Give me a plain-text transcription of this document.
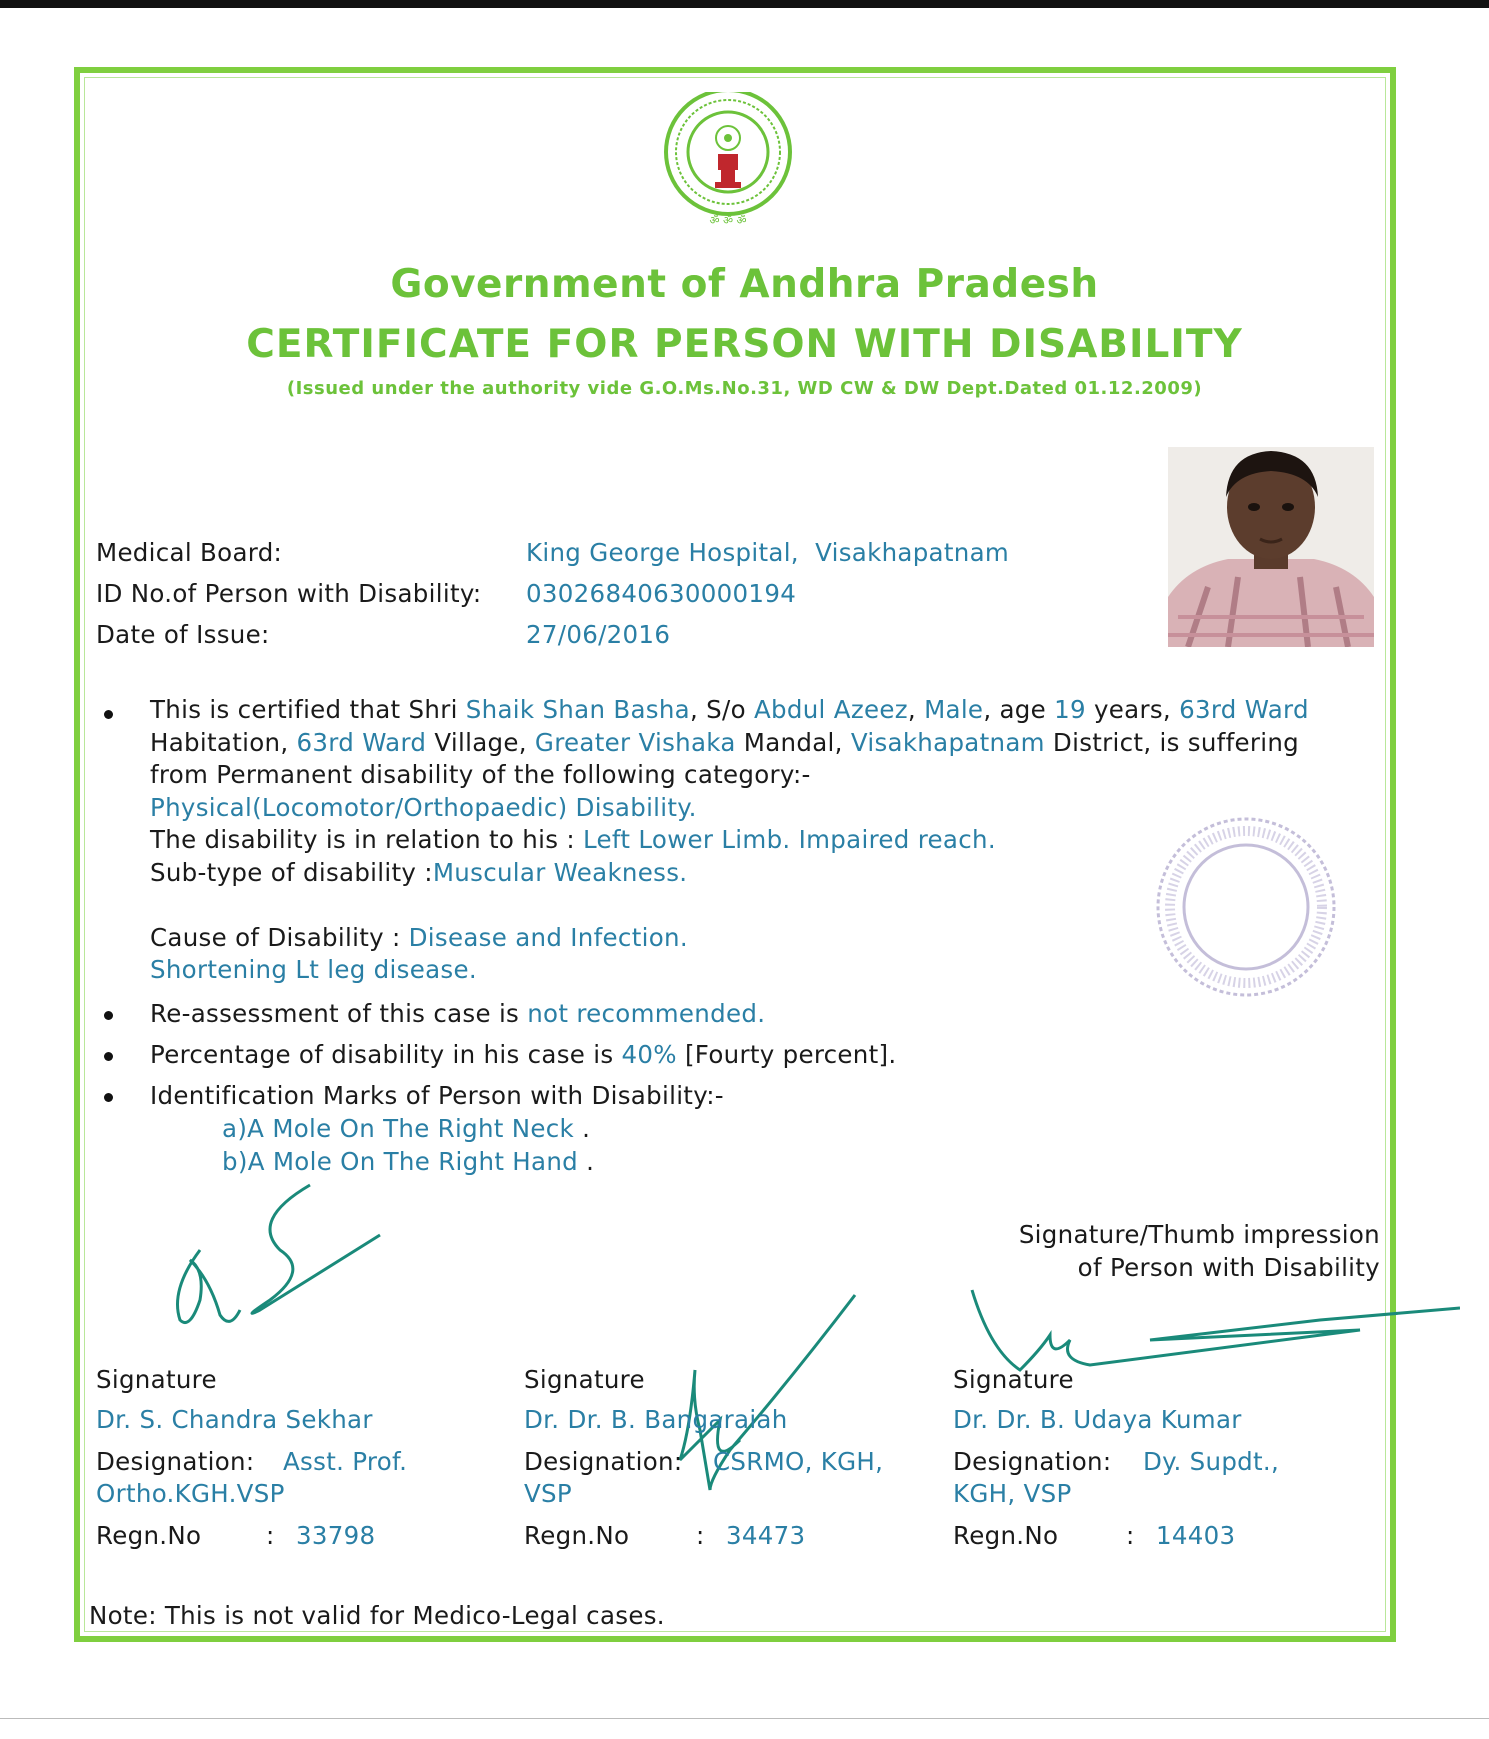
ॐ ॐ ॐ
Government of Andhra Pradesh
CERTIFICATE FOR PERSON WITH DISABILITY
(Issued under the authority vide G.O.Ms.No.31, WD CW & DW Dept.Dated 01.12.2009)
Medical Board:	King George Hospital,  Visakhapatnam
ID No.of Person with Disability: 03026840630000194
Date of Issue:	27/06/2016
This is certified that Shri Shaik Shan Basha, S/o Abdul Azeez, Male, age 19 years, 63rd Ward Habitation, 63rd Ward Village, Greater Vishaka Mandal, Visakhapatnam District, is suffering from Permanent disability of the following category:-
Physical(Locomotor/Orthopaedic) Disability.
The disability is in relation to his : Left Lower Limb. Impaired reach.
Sub-type of disability :Muscular Weakness.

Cause of Disability : Disease and Infection.
Shortening Lt leg disease.
Re-assessment of this case is not recommended.
Percentage of disability in his case is 40% [Fourty percent].
Identification Marks of Person with Disability:-
a)A Mole On The Right Neck .
b)A Mole On The Right Hand .
Signature/Thumb impression
of Person with Disability
Signature
Dr. S. Chandra Sekhar
Designation: Asst. Prof.
Ortho.KGH.VSP
Regn.No	: 33798
Signature
Dr. Dr. B. Bangaraiah
Designation: CSRMO, KGH,
VSP
Regn.No	: 34473
Signature
Dr. Dr. B. Udaya Kumar
Designation: Dy. Supdt.,
KGH, VSP
Regn.No	: 14403
Note: This is not valid for Medico-Legal cases.
